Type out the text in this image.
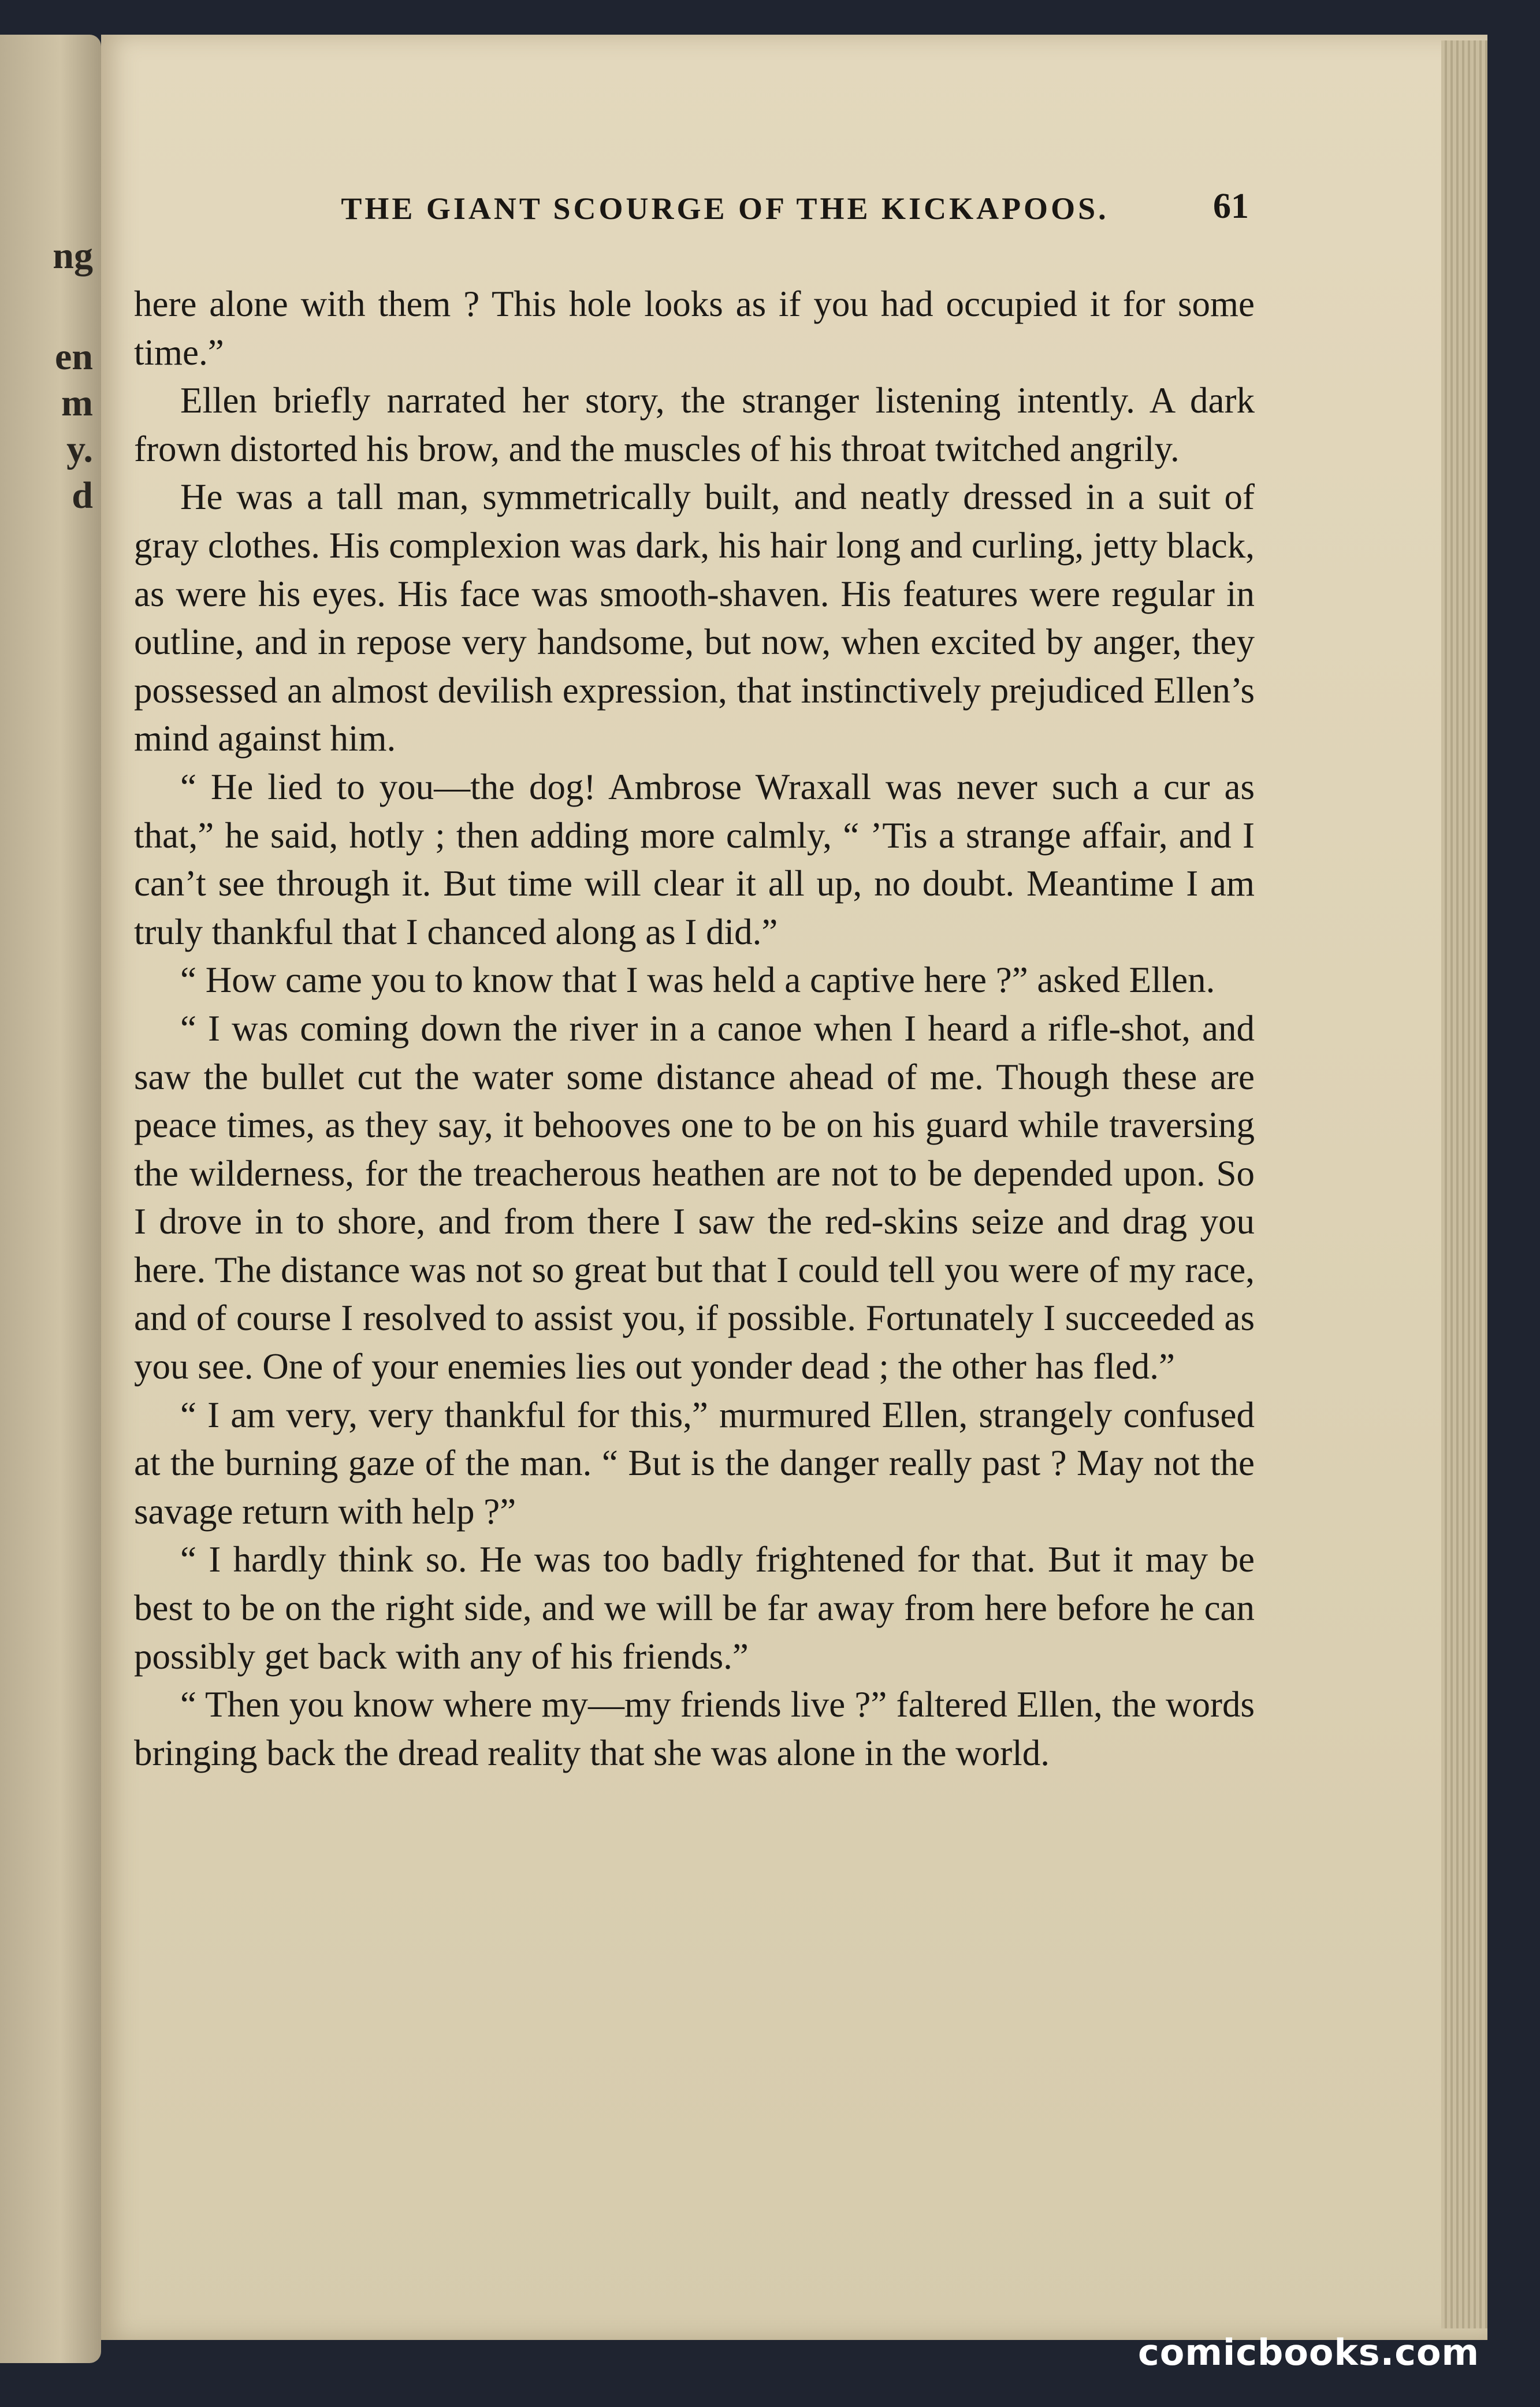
ng
en
m
y.
d
THE GIANT SCOURGE OF THE KICKAPOOS.	61

here alone with them ? This hole looks as if you had occupied it for some time.”

Ellen briefly narrated her story, the stranger listening intently. A dark frown distorted his brow, and the muscles of his throat twitched angrily.

He was a tall man, symmetrically built, and neatly dressed in a suit of gray clothes. His complexion was dark, his hair long and curling, jetty black, as were his eyes. His face was smooth-shaven. His features were regular in outline, and in repose very handsome, but now, when excited by anger, they possessed an almost devilish expression, that instinctively prejudiced Ellen’s mind against him.

“ He lied to you—the dog! Ambrose Wraxall was never such a cur as that,” he said, hotly ; then adding more calmly, “ ’Tis a strange affair, and I can’t see through it. But time will clear it all up, no doubt. Meantime I am truly thankful that I chanced along as I did.”

“ How came you to know that I was held a captive here ?” asked Ellen.

“ I was coming down the river in a canoe when I heard a rifle-shot, and saw the bullet cut the water some distance ahead of me. Though these are peace times, as they say, it behooves one to be on his guard while traversing the wilderness, for the treacherous heathen are not to be depended upon. So I drove in to shore, and from there I saw the red-skins seize and drag you here. The distance was not so great but that I could tell you were of my race, and of course I resolved to assist you, if possible. Fortunately I succeeded as you see. One of your enemies lies out yonder dead ; the other has fled.”

“ I am very, very thankful for this,” murmured Ellen, strangely confused at the burning gaze of the man. “ But is the danger really past ? May not the savage return with help ?”

“ I hardly think so. He was too badly frightened for that. But it may be best to be on the right side, and we will be far away from here before he can possibly get back with any of his friends.”

“ Then you know where my—my friends live ?” faltered Ellen, the words bringing back the dread reality that she was alone in the world.

comicbooks.com
